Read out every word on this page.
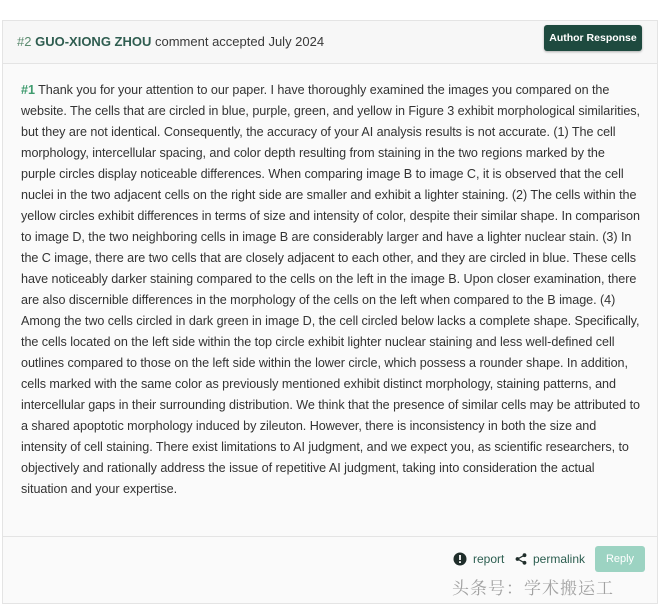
#2 GUO-XIONG ZHOU comment accepted July 2024	Author Response
#1 Thank you for your attention to our paper. I have thoroughly examined the images you compared on the website. The cells that are circled in blue, purple, green, and yellow in Figure 3 exhibit morphological similarities, but they are not identical. Consequently, the accuracy of your AI analysis results is not accurate. (1) The cell morphology, intercellular spacing, and color depth resulting from staining in the two regions marked by the purple circles display noticeable differences. When comparing image B to image C, it is observed that the cell nuclei in the two adjacent cells on the right side are smaller and exhibit a lighter staining. (2) The cells within the yellow circles exhibit differences in terms of size and intensity of color, despite their similar shape. In comparison to image D, the two neighboring cells in image B are considerably larger and have a lighter nuclear stain. (3) In the C image, there are two cells that are closely adjacent to each other, and they are circled in blue. These cells have noticeably darker staining compared to the cells on the left in the image B. Upon closer examination, there are also discernible differences in the morphology of the cells on the left when compared to the B image. (4) Among the two cells circled in dark green in image D, the cell circled below lacks a complete shape. Specifically, the cells located on the left side within the top circle exhibit lighter nuclear staining and less well-defined cell outlines compared to those on the left side within the lower circle, which possess a rounder shape. In addition, cells marked with the same color as previously mentioned exhibit distinct morphology, staining patterns, and intercellular gaps in their surrounding distribution. We think that the presence of similar cells may be attributed to a shared apoptotic morphology induced by zileuton. However, there is inconsistency in both the size and intensity of cell staining. There exist limitations to AI judgment, and we expect you, as scientific researchers, to objectively and rationally address the issue of repetitive AI judgment, taking into consideration the actual situation and your expertise.
report permalink	Reply
头条号：学术搬运工
